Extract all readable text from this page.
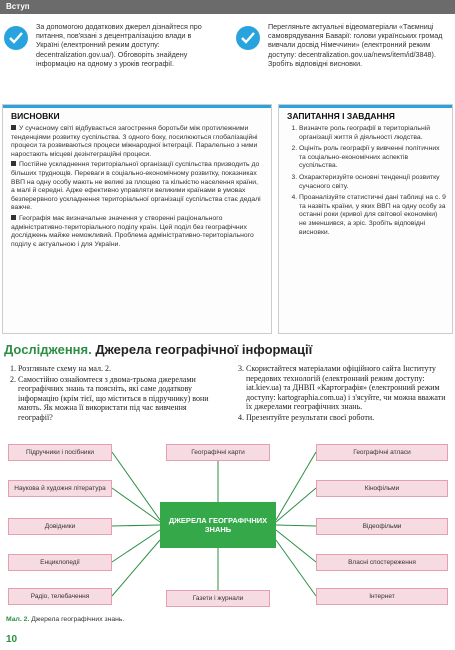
Вступ

За допомогою додаткових джерел дізнайтеся про питання, пов'язані з децентралізацією влади в Україні (електронний режим доступу: decentralization.gov.ua/). Обговоріть знайдену інформацію на одному з уроків географії.

Перегляньте актуальні відеоматеріали «Таємниці самоврядування Баварії: голови українських громад вивчали досвід Німеччини» (електронний режим доступу: decentralization.gov.ua/news/item/id/3848). Зробіть відповідні висновки.

ВИСНОВКИ

У сучасному світі відбувається загострення боротьби між протилежними тенденціями розвитку суспільства. З одного боку, посилюються глобалізаційні процеси та розвиваються процеси міжнародної інтеграції. Паралельно з ними наростають місцеві дезінтеграційні процеси.

Постійне ускладнення територіальної організації суспільства призводить до більших труднощів. Переваги в соціально-економічному розвитку, показниках ВВП на одну особу мають не великі за площею та кількістю населення країни, а малі й середні. Адже ефективно управляти великими країнами в умовах безперервного ускладнення територіальної організації суспільства стає дедалі важче.

Географія має визначальне значення у створенні раціонального адміністративно-територіального поділу країн. Цей поділ без географічних досліджень майже неможливий. Проблема адміністративно-територіального поділу є актуальною і для України.

ЗАПИТАННЯ І ЗАВДАННЯ
1. Визначте роль географії в територіальній організації життя й діяльності людства.
2. Оцініть роль географії у вивченні політичних та соціально-економічних аспектів суспільства.
3. Охарактеризуйте основні тенденції розвитку сучасного світу.
4. Проаналізуйте статистичні дані таблиці на с. 9 та назвіть країни, у яких ВВП на одну особу за останні роки (кривої для світової економіки) не зменшився, а зріс. Зробіть відповідні висновки.
Дослідження. Джерела географічної інформації
1. Розгляньте схему на мал. 2.
2. Самостійно ознайомтеся з двома-трьома джерелами географічних знань та поясніть, які саме додаткову інформацію (крім тієї, що міститься в підручнику) вони мають. Як можна її використати під час вивчення географії?
3. Скористайтеся матеріалами офіційного сайта Інституту передових технологій (електронний режим доступу: iat.kiev.ua) та ДНВП «Картографія» (електронний режим доступу: kartographia.com.ua) і з'ясуйте, чи можна вважати їх джерелами географічних знань.
4. Презентуйте результати своєї роботи.
Підручники і посібники
Наукова й художня література
Довідники
Енциклопедії
Радіо, телебачення
Географічні карти
Газети і журнали
Географічні атласи
Кінофільми
Відеофільми
Власні спостереження
Інтернет
ДЖЕРЕЛА ГЕОГРАФІЧНИХ ЗНАНЬ
Мал. 2. Джерела географічних знань.
10
